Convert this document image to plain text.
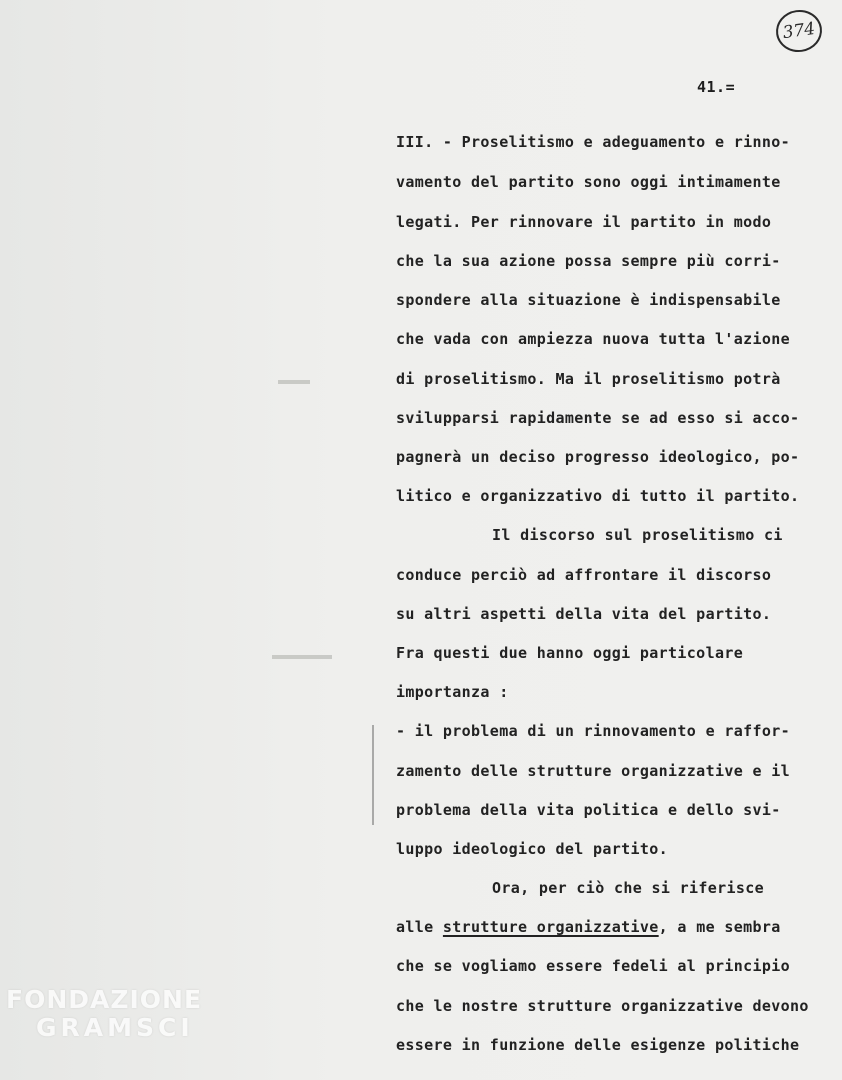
374
41.=
III. - Proselitismo e adeguamento e rinno-
vamento del partito sono oggi intimamente
legati. Per rinnovare il partito in modo
che la sua azione possa sempre più corri-
spondere alla situazione è indispensabile
che vada con ampiezza nuova tutta l'azione
di proselitismo. Ma il proselitismo potrà
svilupparsi rapidamente se ad esso si acco-
pagnerà un deciso progresso ideologico, po-
litico e organizzativo di tutto il partito.
Il discorso sul proselitismo ci
conduce perciò ad affrontare il discorso
su altri aspetti della vita del partito.
Fra questi due hanno oggi particolare
importanza :
- il problema di un rinnovamento e raffor-
zamento delle strutture organizzative e il
problema della vita politica e dello svi-
luppo ideologico del partito.
Ora, per ciò che si riferisce
alle strutture organizzative, a me sembra
che se vogliamo essere fedeli al principio
che le nostre strutture organizzative devono
essere in funzione delle esigenze politiche
FONDAZIONE
GRAMSCI
